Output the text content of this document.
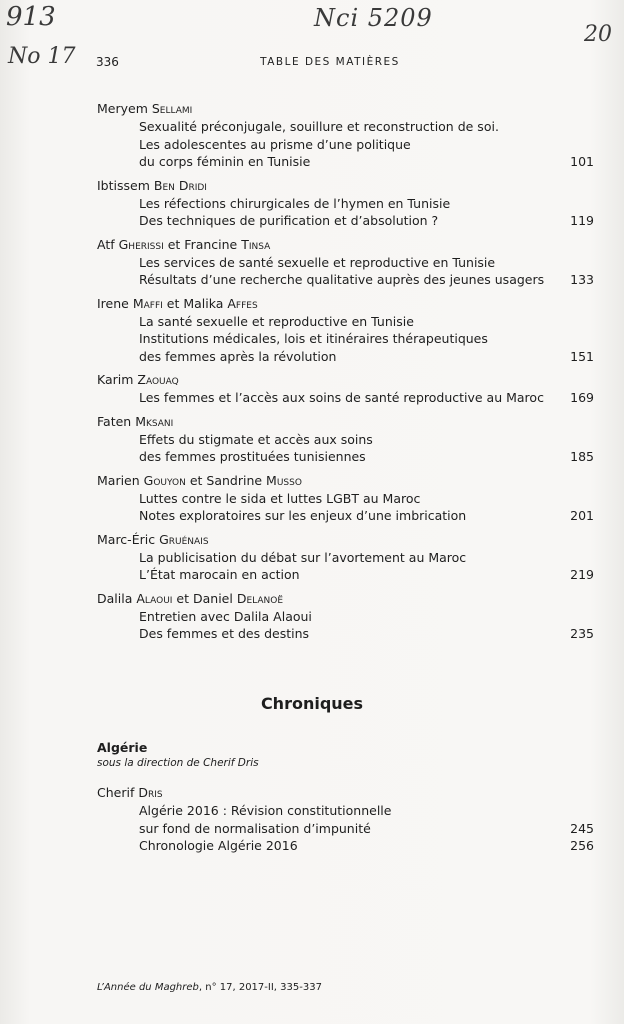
913
No 17
Nci 5209
20
336	TABLE DES MATIÈRES
Meryem Sellami
Sexualité préconjugale, souillure et reconstruction de soi.
Les adolescentes au prisme d’une politique
du corps féminin en Tunisie	101
Ibtissem Ben Dridi
Les réfections chirurgicales de l’hymen en Tunisie
Des techniques de purification et d’absolution ?	119
Atf Gherissi et Francine Tinsa
Les services de santé sexuelle et reproductive en Tunisie
Résultats d’une recherche qualitative auprès des jeunes usagers	133
Irene Maffi et Malika Affes
La santé sexuelle et reproductive en Tunisie
Institutions médicales, lois et itinéraires thérapeutiques
des femmes après la révolution	151
Karim Zaouaq
Les femmes et l’accès aux soins de santé reproductive au Maroc	169
Faten Mksani
Effets du stigmate et accès aux soins
des femmes prostituées tunisiennes	185
Marien Gouyon et Sandrine Musso
Luttes contre le sida et luttes LGBT au Maroc
Notes exploratoires sur les enjeux d’une imbrication	201
Marc-Éric Gruénais
La publicisation du débat sur l’avortement au Maroc
L’État marocain en action	219
Dalila Alaoui et Daniel Delanoë
Entretien avec Dalila Alaoui
Des femmes et des destins	235
Chroniques
Algérie
sous la direction de Cherif Dris
Cherif Dris
Algérie 2016 : Révision constitutionnelle
sur fond de normalisation d’impunité	245
Chronologie Algérie 2016	256
L’Année du Maghreb, n° 17, 2017-II, 335-337
